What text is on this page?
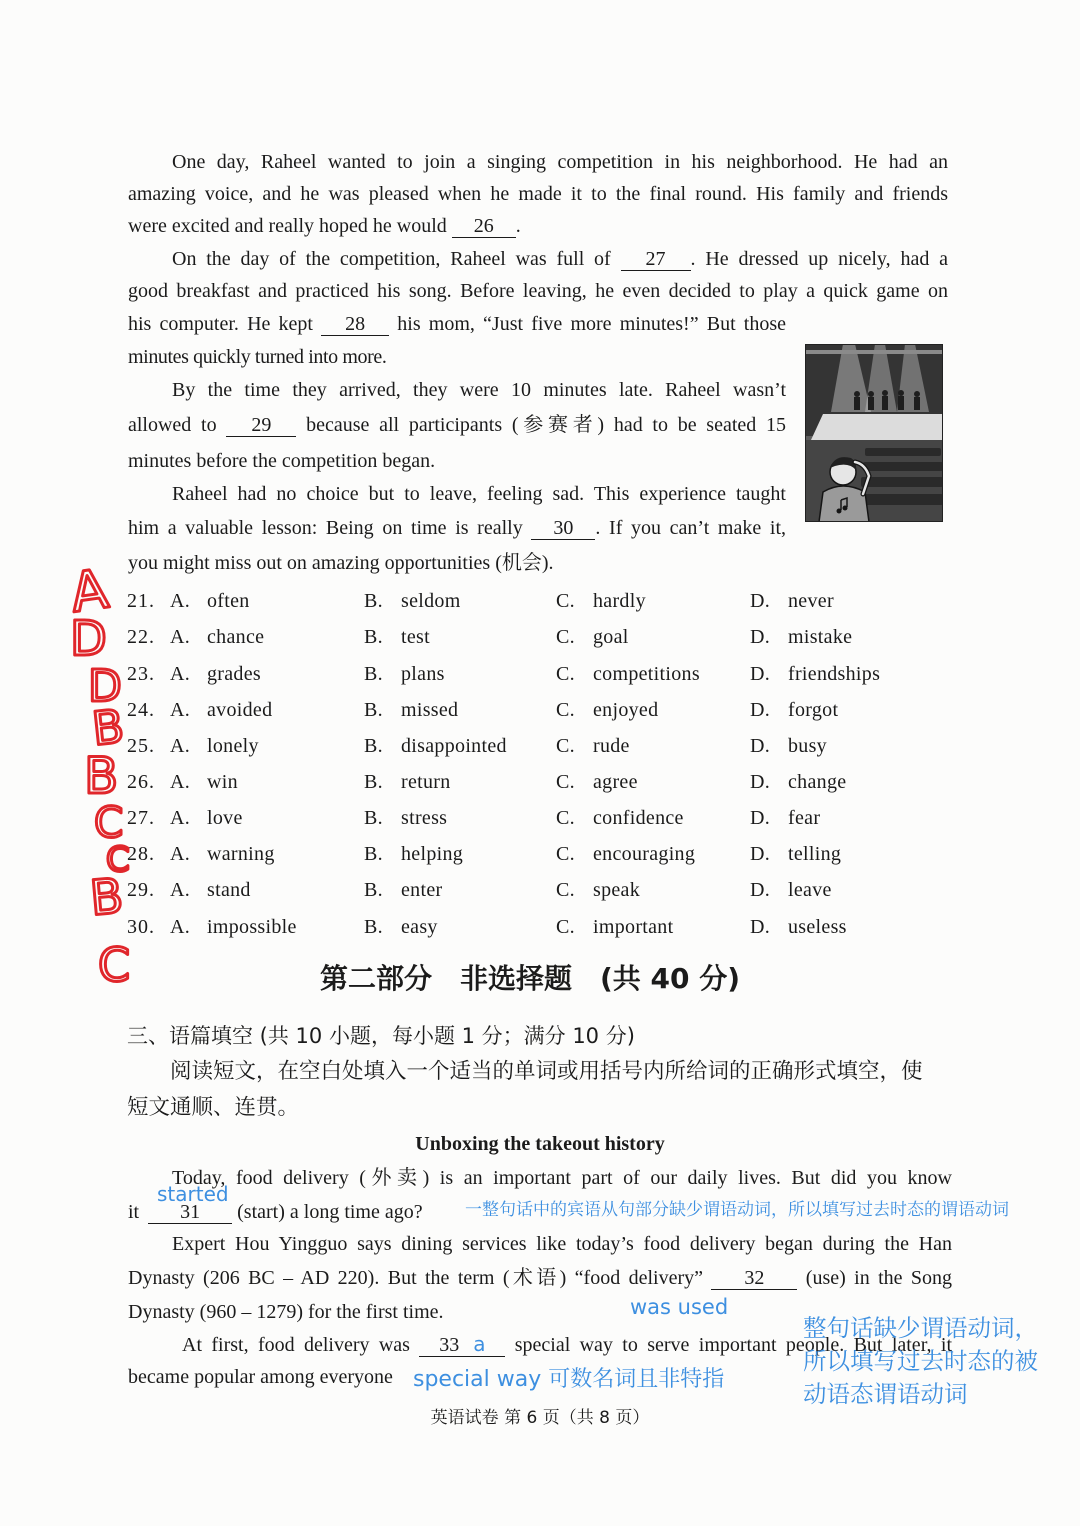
One day, Raheel wanted to join a singing competition in his neighborhood. He had an
amazing voice, and he was pleased when he made it to the final round. His family and friends
were excited and really hoped he would 26 .
On the day of the competition, Raheel was full of 27 . He dressed up nicely, had a
good breakfast and practiced his song. Before leaving, he even decided to play a quick game on
his computer. He kept 28 his mom, “Just five more minutes!” But those
minutes quickly turned into more.
By the time they arrived, they were 10 minutes late. Raheel wasn’t
allowed to 29 because all participants (参赛者) had to be seated 15
minutes before the competition began.
Raheel had no choice but to leave, feeling sad. This experience taught
him a valuable lesson: Being on time is really 30 . If you can’t make it,
you might miss out on amazing opportunities (机会).
21. A. often	B. seldom	C. hardly	D. never
22. A. chance	B. test	C. goal	D. mistake
23. A. grades	B. plans	C. competitions	D. friendships
24. A. avoided	B. missed	C. enjoyed	D. forgot
25. A. lonely	B. disappointed C. rude	D. busy
26. A. win	B. return	C. agree	D. change
27. A. love	B. stress	C. confidence	D. fear
28. A. warning	B. helping	C. encouraging	D. telling
29. A. stand	B. enter	C. speak	D. leave
30. A. impossible	B. easy	C. important	D. useless
A
D
D
B
B
C
C
B
C	第二部分　非选择题　(共 40 分)
三、语篇填空 (共 10 小题，每小题 1 分；满分 10 分)
阅读短文，在空白处填入一个适当的单词或用括号内所给词的正确形式填空，使
短文通顺、连贯。
Unboxing the takeout history
Today, food delivery (外卖) is an important part of our daily lives. But did you know
it 31 (start) a long time ago?
started
一整句话中的宾语从句部分缺少谓语动词，所以填写过去时态的谓语动词
Expert Hou Yingguo says dining services like today’s food delivery began during the Han
Dynasty (206 BC – AD 220). But the term (术语) “food delivery” 32 (use) in the Song
Dynasty (960 – 1279) for the first time.	was used
At first, food delivery was 33 a special way to serve important people. But later, it
became popular among everyone special way 可数名词且非特指
整句话缺少谓语动词，
所以填写过去时态的被
动语态谓语动词
英语试卷 第 6 页（共 8 页）
